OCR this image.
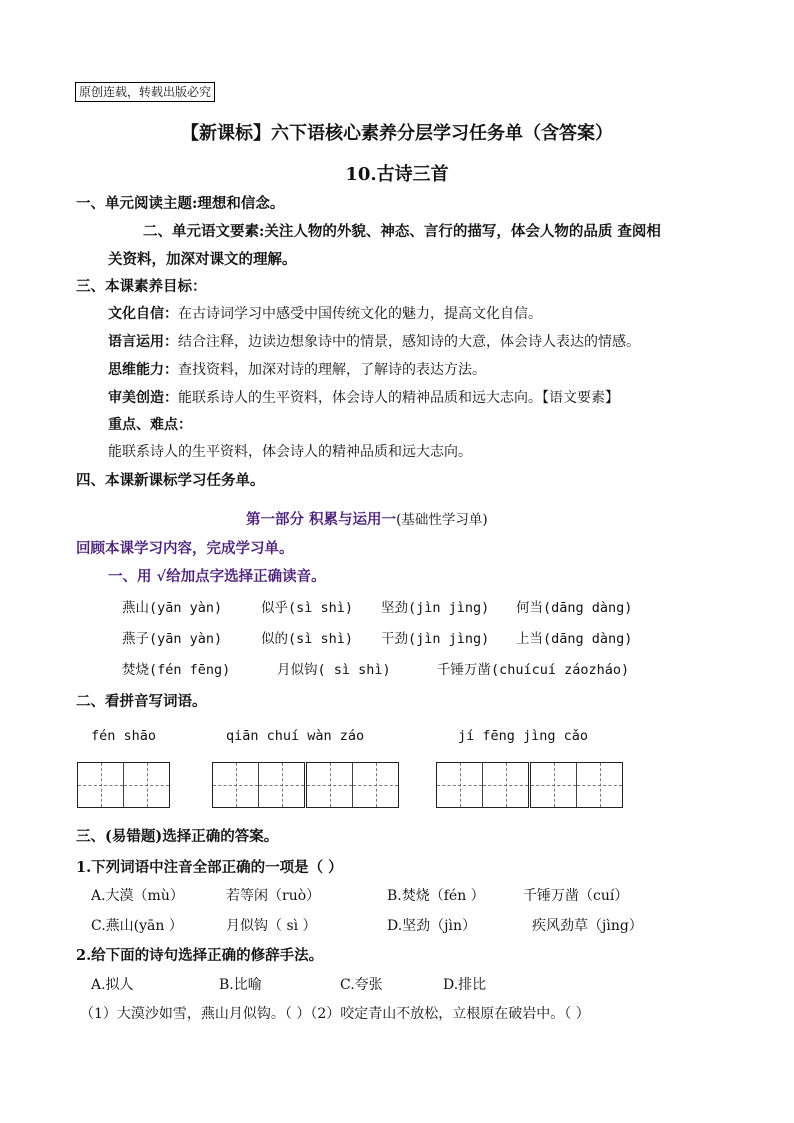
原创连载，转载出版必究
【新课标】六下语核心素养分层学习任务单（含答案）
10.古诗三首
一、单元阅读主题:理想和信念。
二、单元语文要素:关注人物的外貌、神态、言行的描写，体会人物的品质 查阅相
关资料，加深对课文的理解。
三、本课素养目标：
文化自信：在古诗词学习中感受中国传统文化的魅力，提高文化自信。
语言运用：结合注释，边读边想象诗中的情景，感知诗的大意，体会诗人表达的情感。
思维能力：查找资料，加深对诗的理解，了解诗的表达方法。
审美创造：能联系诗人的生平资料，体会诗人的精神品质和远大志向。【语文要素】
重点、难点：
能联系诗人的生平资料，体会诗人的精神品质和远大志向。
四、本课新课标学习任务单。
第一部分 积累与运用一(基础性学习单)
回顾本课学习内容，完成学习单。
一、用 √给加点字选择正确读音。
燕山(yān yàn)	似乎(sì shì) 坚劲(jìn jìng) 何当(dāng dàng)
燕子(yān yàn)	似的(sì shì) 干劲(jìn jìng) 上当(dāng dàng)
焚烧(fén fēng)	月似钩( sì shì)	千锤万凿(chuícuí záozháo)
二、看拼音写词语。
fén shāo	qiān chuí wàn záo	jí fēng jìng cǎo
三、(易错题)选择正确的答案。
1.下列词语中注音全部正确的一项是（ ）
A.大漠（mù）	若等闲（ruò）	B.焚烧（fén ）	千锤万凿（cuí）
C.燕山(yān ）	月似钩（ sì ）	D.坚劲（jìn）	疾风劲草（jìng）
2.给下面的诗句选择正确的修辞手法。
A.拟人	B.比喻	C.夸张	D.排比
（1）大漠沙如雪，燕山月似钩。（ ）（2）咬定青山不放松，立根原在破岩中。（ ）
